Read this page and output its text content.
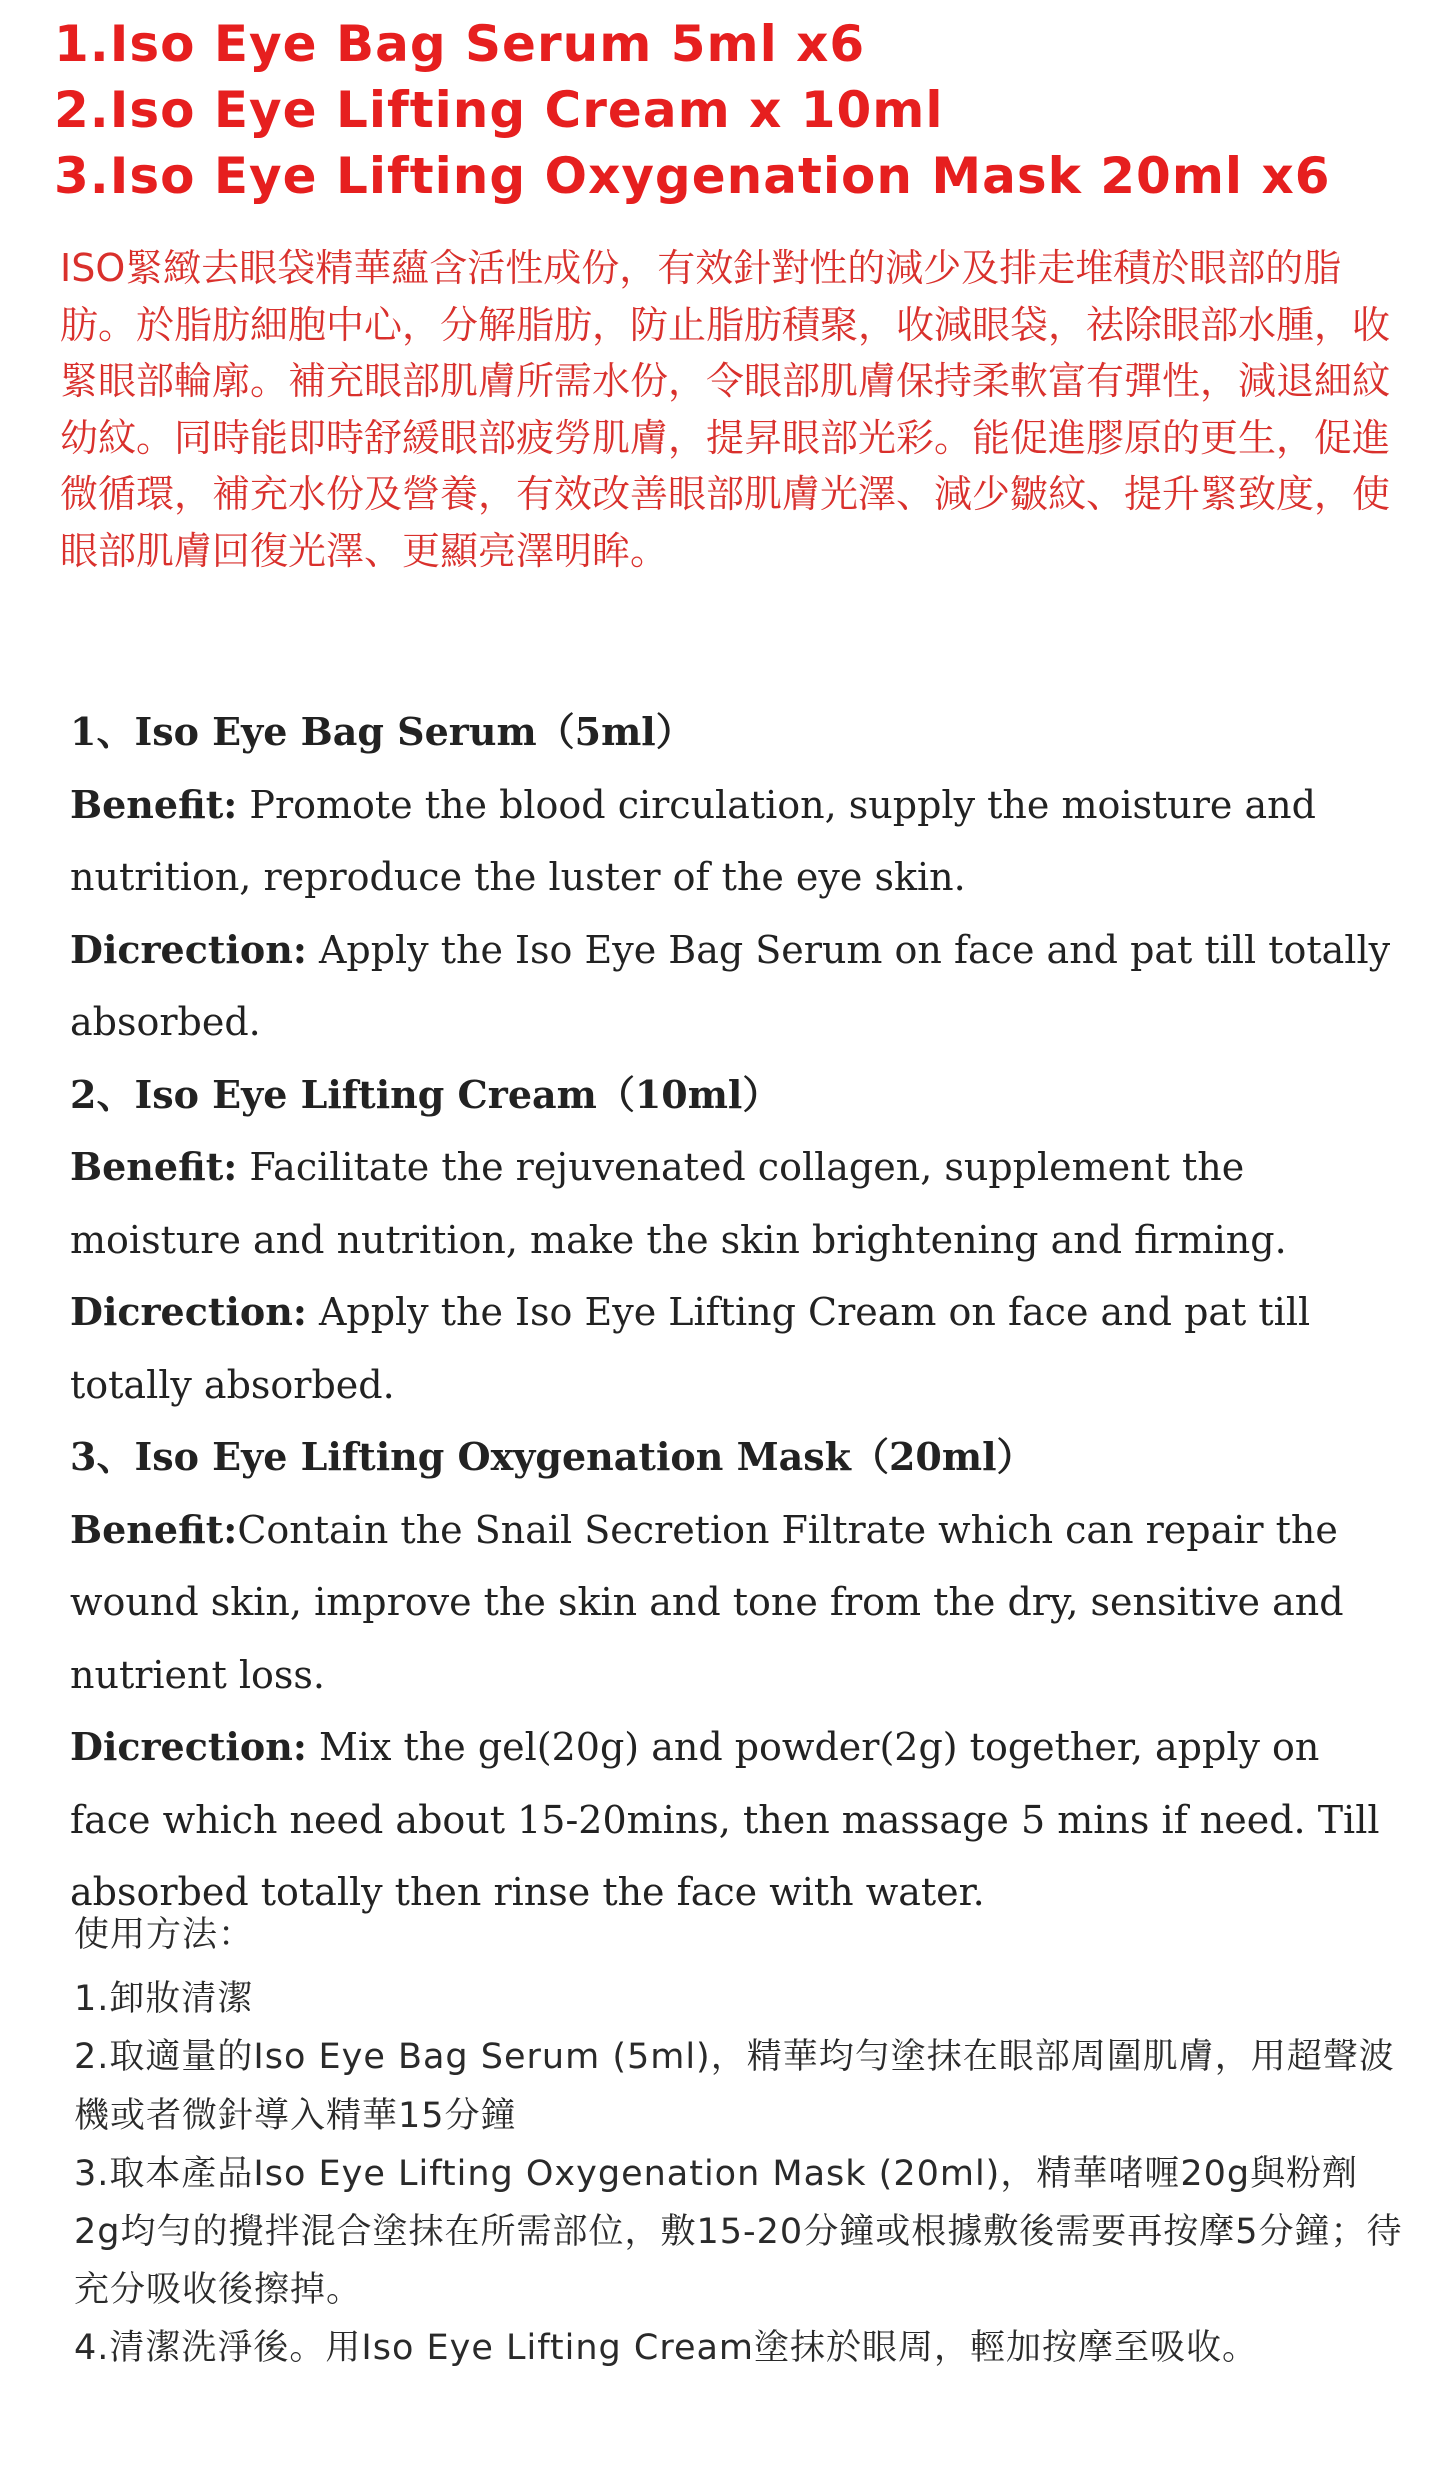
1.Iso Eye Bag Serum 5ml x6
2.Iso Eye Lifting Cream x 10ml
3.Iso Eye Lifting Oxygenation Mask 20ml x6

ISO緊緻去眼袋精華蘊含活性成份，有效針對性的減少及排走堆積於眼部的脂肪。於脂肪細胞中心，分解脂肪，防止脂肪積聚，收減眼袋，祛除眼部水腫，收緊眼部輪廓。補充眼部肌膚所需水份，令眼部肌膚保持柔軟富有彈性，減退細紋幼紋。同時能即時舒緩眼部疲勞肌膚，提昇眼部光彩。能促進膠原的更生，促進微循環，補充水份及營養，有效改善眼部肌膚光澤、減少皺紋、提升緊致度，使眼部肌膚回復光澤、更顯亮澤明眸。

1、Iso Eye Bag Serum（5ml）

Benefit: Promote the blood circulation, supply the moisture and nutrition, reproduce the luster of the eye skin.

Dicrection: Apply the Iso Eye Bag Serum on face and pat till totally absorbed.

2、Iso Eye Lifting Cream（10ml）

Benefit: Facilitate the rejuvenated collagen, supplement the moisture and nutrition, make the skin brightening and firming.

Dicrection: Apply the Iso Eye Lifting Cream on face and pat till totally absorbed.

3、Iso Eye Lifting Oxygenation Mask（20ml）

Benefit:Contain the Snail Secretion Filtrate which can repair the wound skin, improve the skin and tone from the dry, sensitive and nutrient loss.

Dicrection: Mix the gel(20g) and powder(2g) together, apply on face which need about 15-20mins, then massage 5 mins if need. Till absorbed totally then rinse the face with water.

使用方法：

1.卸妝清潔

2.取適量的Iso Eye Bag Serum (5ml)，精華均勻塗抹在眼部周圍肌膚，用超聲波機或者微針導入精華15分鐘

3.取本產品Iso Eye Lifting Oxygenation Mask (20ml)，精華啫喱20g與粉劑2g均勻的攪拌混合塗抹在所需部位，敷15-20分鐘或根據敷後需要再按摩5分鐘；待充分吸收後擦掉。

4.清潔洗淨後。用Iso Eye Lifting Cream塗抹於眼周，輕加按摩至吸收。
